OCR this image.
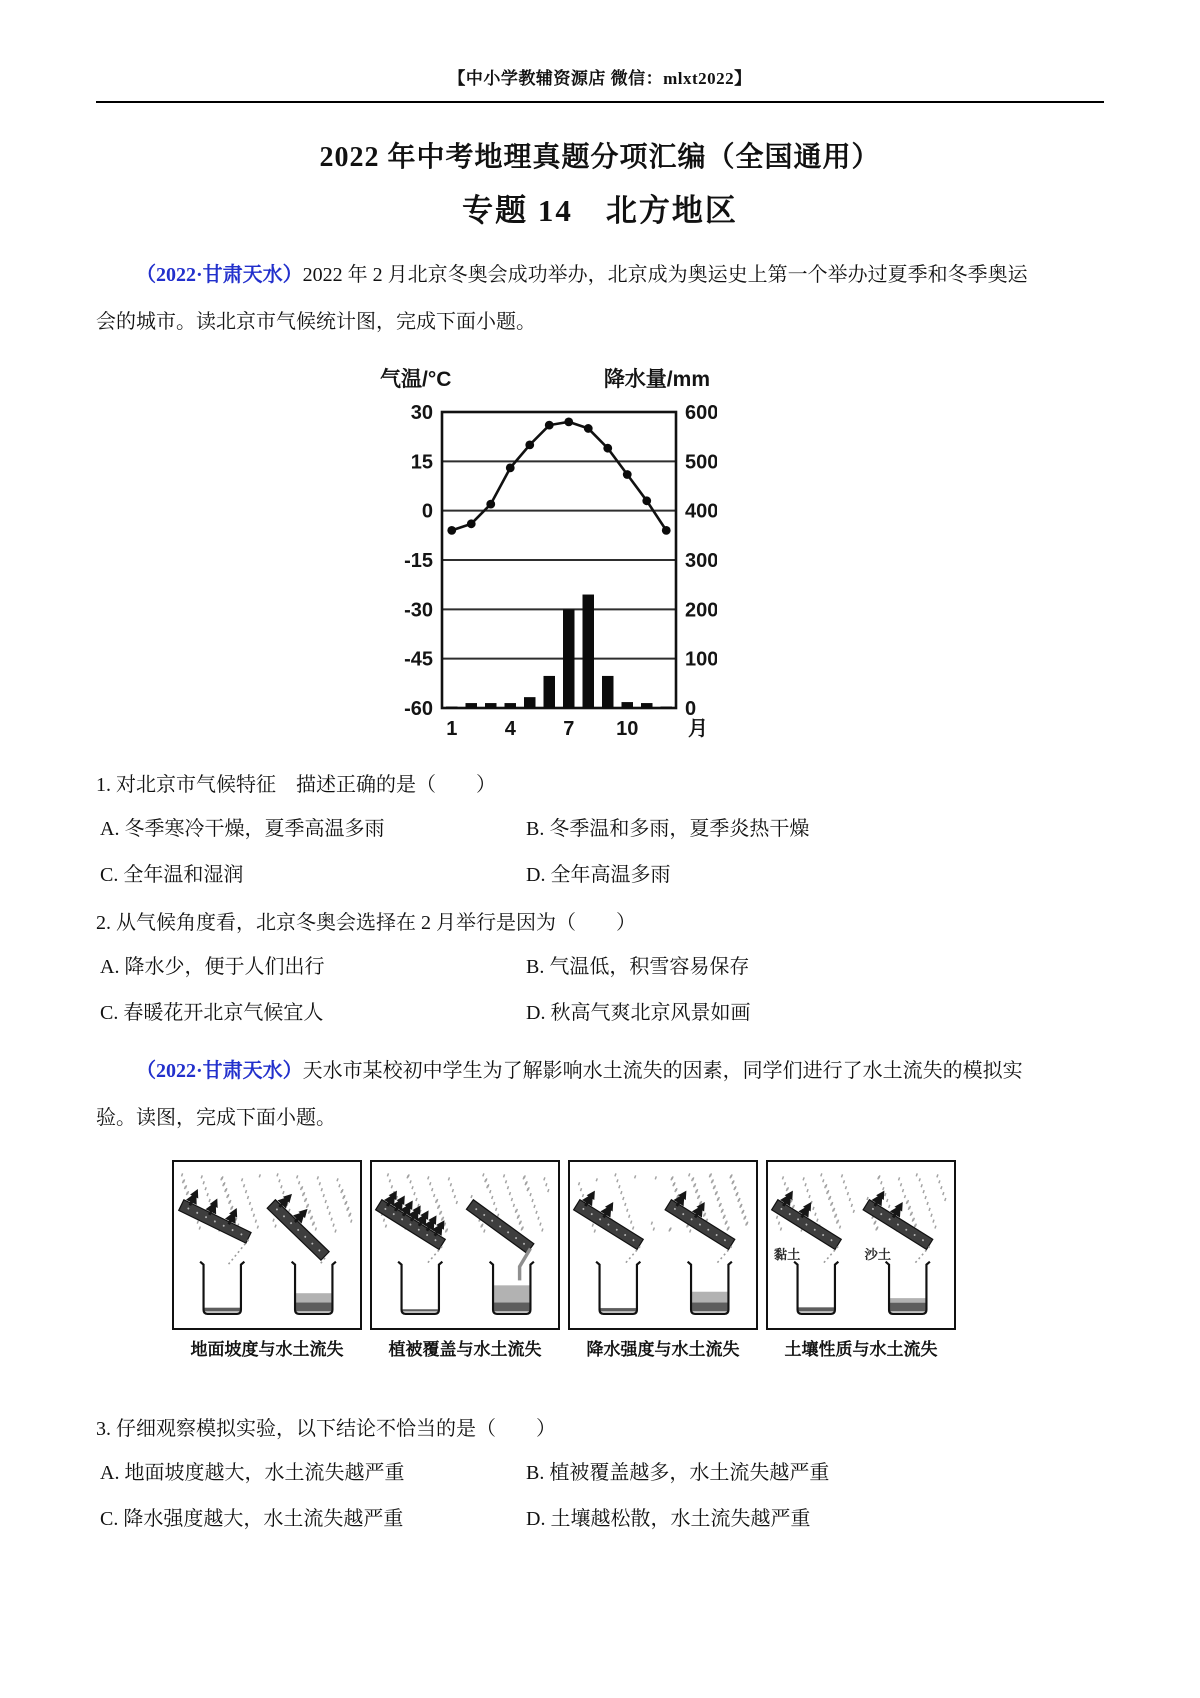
【中小学教辅资源店 微信：mlxt2022】
2022 年中考地理真题分项汇编（全国通用）
专题 14　北方地区
（2022·甘肃天水）2022 年 2 月北京冬奥会成功举办，北京成为奥运史上第一个举办过夏季和冬季奥运
会的城市。读北京市气候统计图，完成下面小题。
气温/°C	降水量/mm
30
15
0
-15
-30
-45
-60
600
500
400
300
200
100
0
1 4 7 10 月
1. 对北京市气候特征　描述正确的是（　　）
A. 冬季寒冷干燥，夏季高温多雨	B. 冬季温和多雨，夏季炎热干燥
C. 全年温和湿润	D. 全年高温多雨
2. 从气候角度看，北京冬奥会选择在 2 月举行是因为（　　）
A. 降水少，便于人们出行	B. 气温低，积雪容易保存
C. 春暖花开北京气候宜人	D. 秋高气爽北京风景如画
（2022·甘肃天水）天水市某校初中学生为了解影响水土流失的因素，同学们进行了水土流失的模拟实
验。读图，完成下面小题。
地面坡度与水土流失	植被覆盖与水土流失	降水强度与水土流失
黏土	沙土
土壤性质与水土流失
3. 仔细观察模拟实验，以下结论不恰当的是（　　）
A. 地面坡度越大，水土流失越严重	B. 植被覆盖越多，水土流失越严重
C. 降水强度越大，水土流失越严重	D. 土壤越松散，水土流失越严重
